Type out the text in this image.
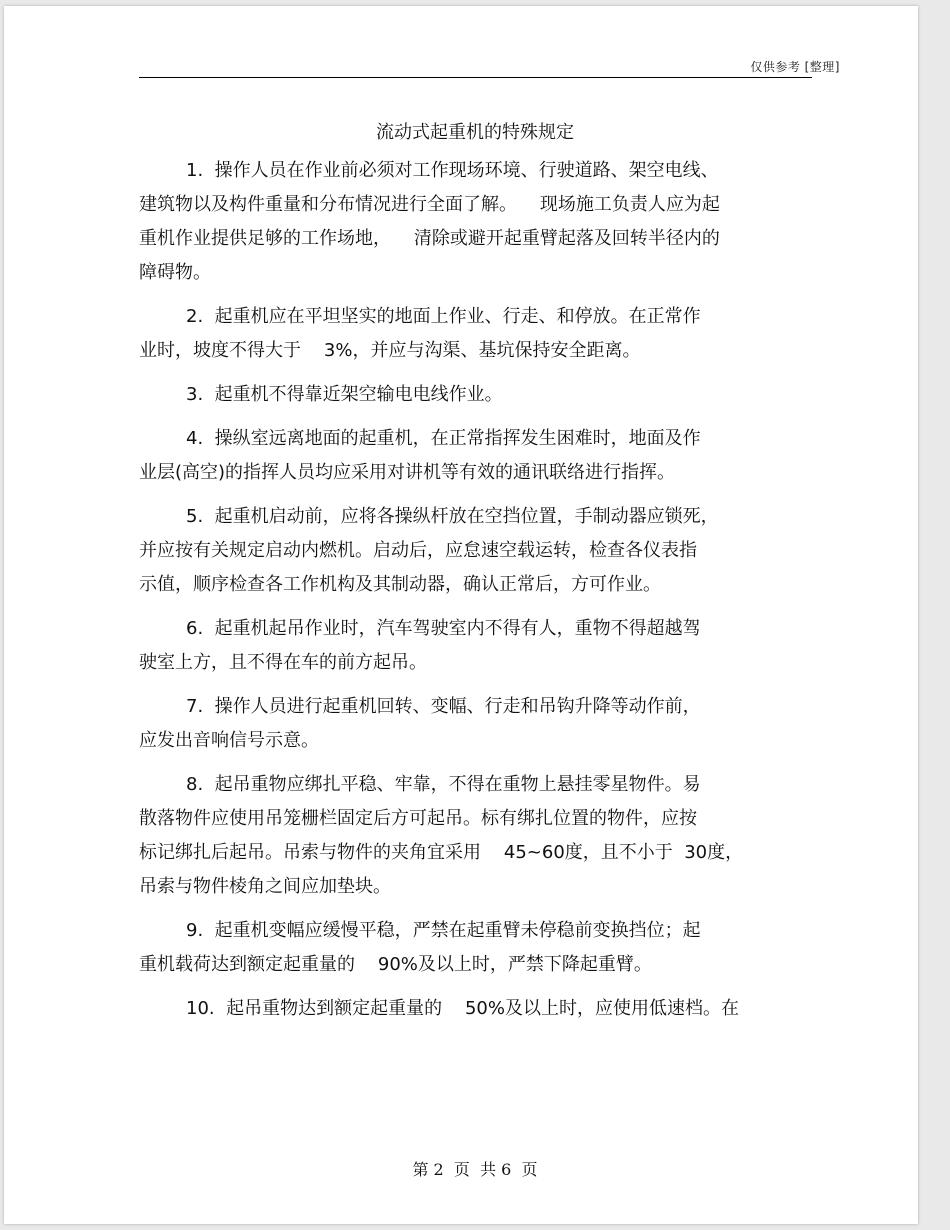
仅供参考 [整理]
流动式起重机的特殊规定
1.  操作人员在作业前必须对工作现场环境、行驶道路、架空电线、
建筑物以及构件重量和分布情况进行全面了解。    现场施工负责人应为起
重机作业提供足够的工作场地，    清除或避开起重臂起落及回转半径内的
障碍物。
2.  起重机应在平坦坚实的地面上作业、行走、和停放。在正常作
业时，坡度不得大于    3%，并应与沟渠、基坑保持安全距离。
3.  起重机不得靠近架空输电电线作业。
4.  操纵室远离地面的起重机，在正常指挥发生困难时，地面及作
业层(高空)的指挥人员均应采用对讲机等有效的通讯联络进行指挥。
5.  起重机启动前，应将各操纵杆放在空挡位置，手制动器应锁死，
并应按有关规定启动内燃机。启动后，应怠速空载运转，检查各仪表指
示值，顺序检查各工作机构及其制动器，确认正常后，方可作业。
6.  起重机起吊作业时，汽车驾驶室内不得有人，重物不得超越驾
驶室上方，且不得在车的前方起吊。
7.  操作人员进行起重机回转、变幅、行走和吊钩升降等动作前，
应发出音响信号示意。
8.  起吊重物应绑扎平稳、牢靠，不得在重物上悬挂零星物件。易
散落物件应使用吊笼栅栏固定后方可起吊。标有绑扎位置的物件，应按
标记绑扎后起吊。吊索与物件的夹角宜采用    45~60度，且不小于  30度，
吊索与物件棱角之间应加垫块。
9.  起重机变幅应缓慢平稳，严禁在起重臂未停稳前变换挡位；起
重机载荷达到额定起重量的    90%及以上时，严禁下降起重臂。
10.  起吊重物达到额定起重量的    50%及以上时，应使用低速档。在
第 2  页  共 6  页
